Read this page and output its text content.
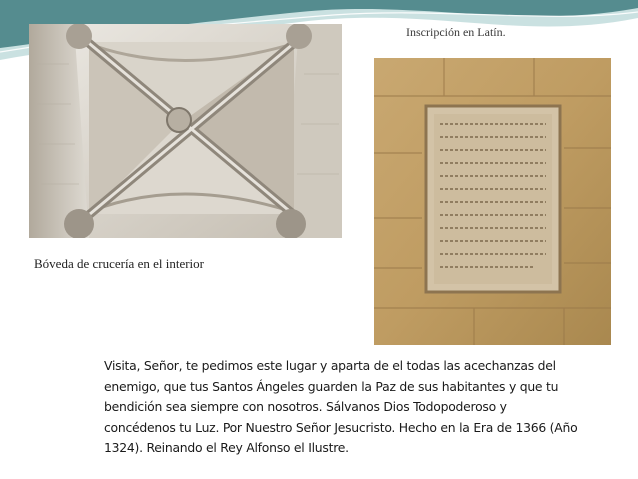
Inscripción en Latín.
Bóveda de crucería en el interior
Visita, Señor, te pedimos este lugar y aparta de el todas las acechanzas del
enemigo, que tus Santos Ángeles guarden la Paz de sus habitantes y que tu
bendición sea siempre con nosotros. Sálvanos Dios Todopoderoso y
concédenos tu Luz. Por Nuestro Señor Jesucristo. Hecho en la Era de 1366 (Año
1324). Reinando el Rey Alfonso el Ilustre.
